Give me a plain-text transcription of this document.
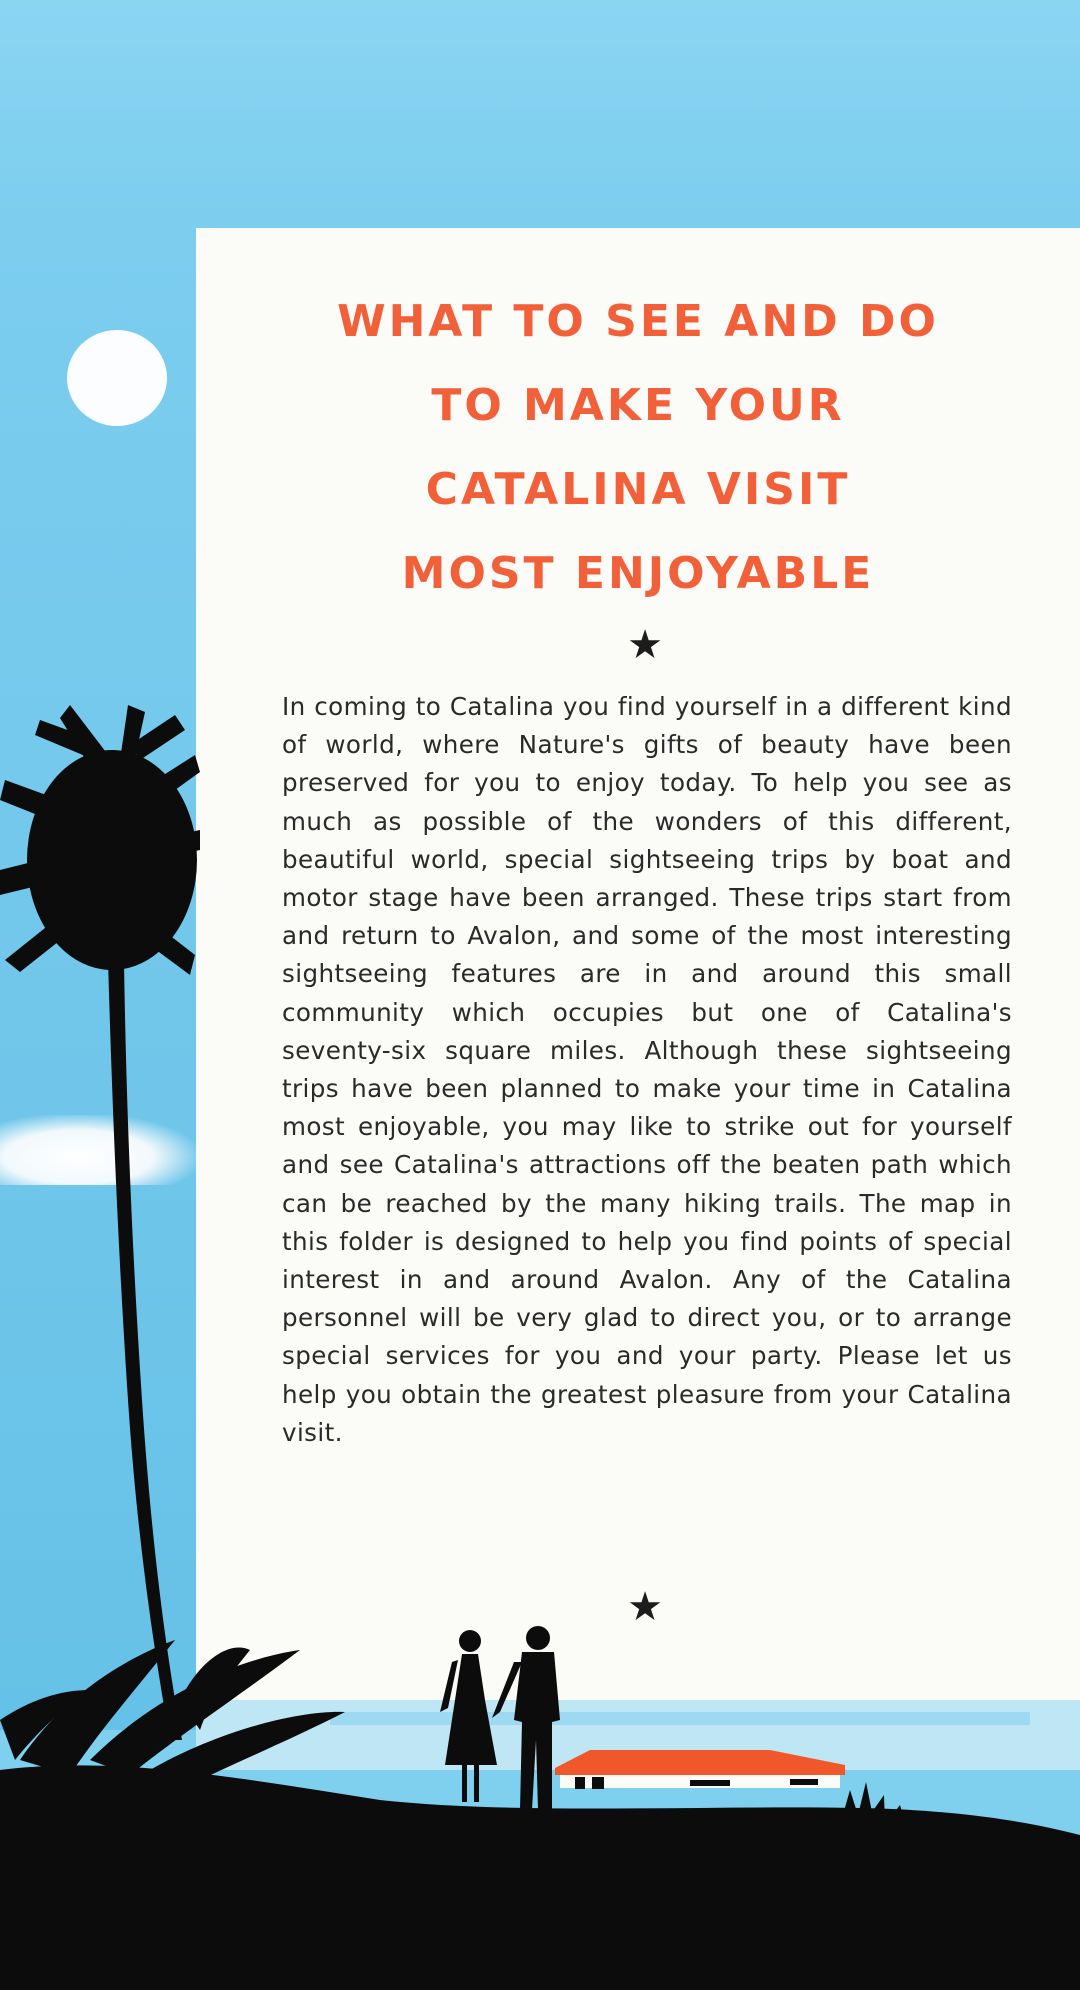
WHAT TO SEE AND DO
TO MAKE YOUR
CATALINA VISIT
MOST ENJOYABLE
★

In coming to Catalina you find yourself in a different kind of world, where Nature's gifts of beauty have been preserved for you to enjoy today. To help you see as much as possible of the wonders of this different, beautiful world, special sightseeing trips by boat and motor stage have been arranged. These trips start from and return to Avalon, and some of the most interesting sightseeing features are in and around this small community which occupies but one of Catalina's seventy-six square miles. Although these sightseeing trips have been planned to make your time in Catalina most enjoyable, you may like to strike out for yourself and see Catalina's attractions off the beaten path which can be reached by the many hiking trails. The map in this folder is designed to help you find points of special interest in and around Avalon. Any of the Catalina personnel will be very glad to direct you, or to arrange special services for you and your party. Please let us help you obtain the greatest pleasure from your Catalina visit.

★
